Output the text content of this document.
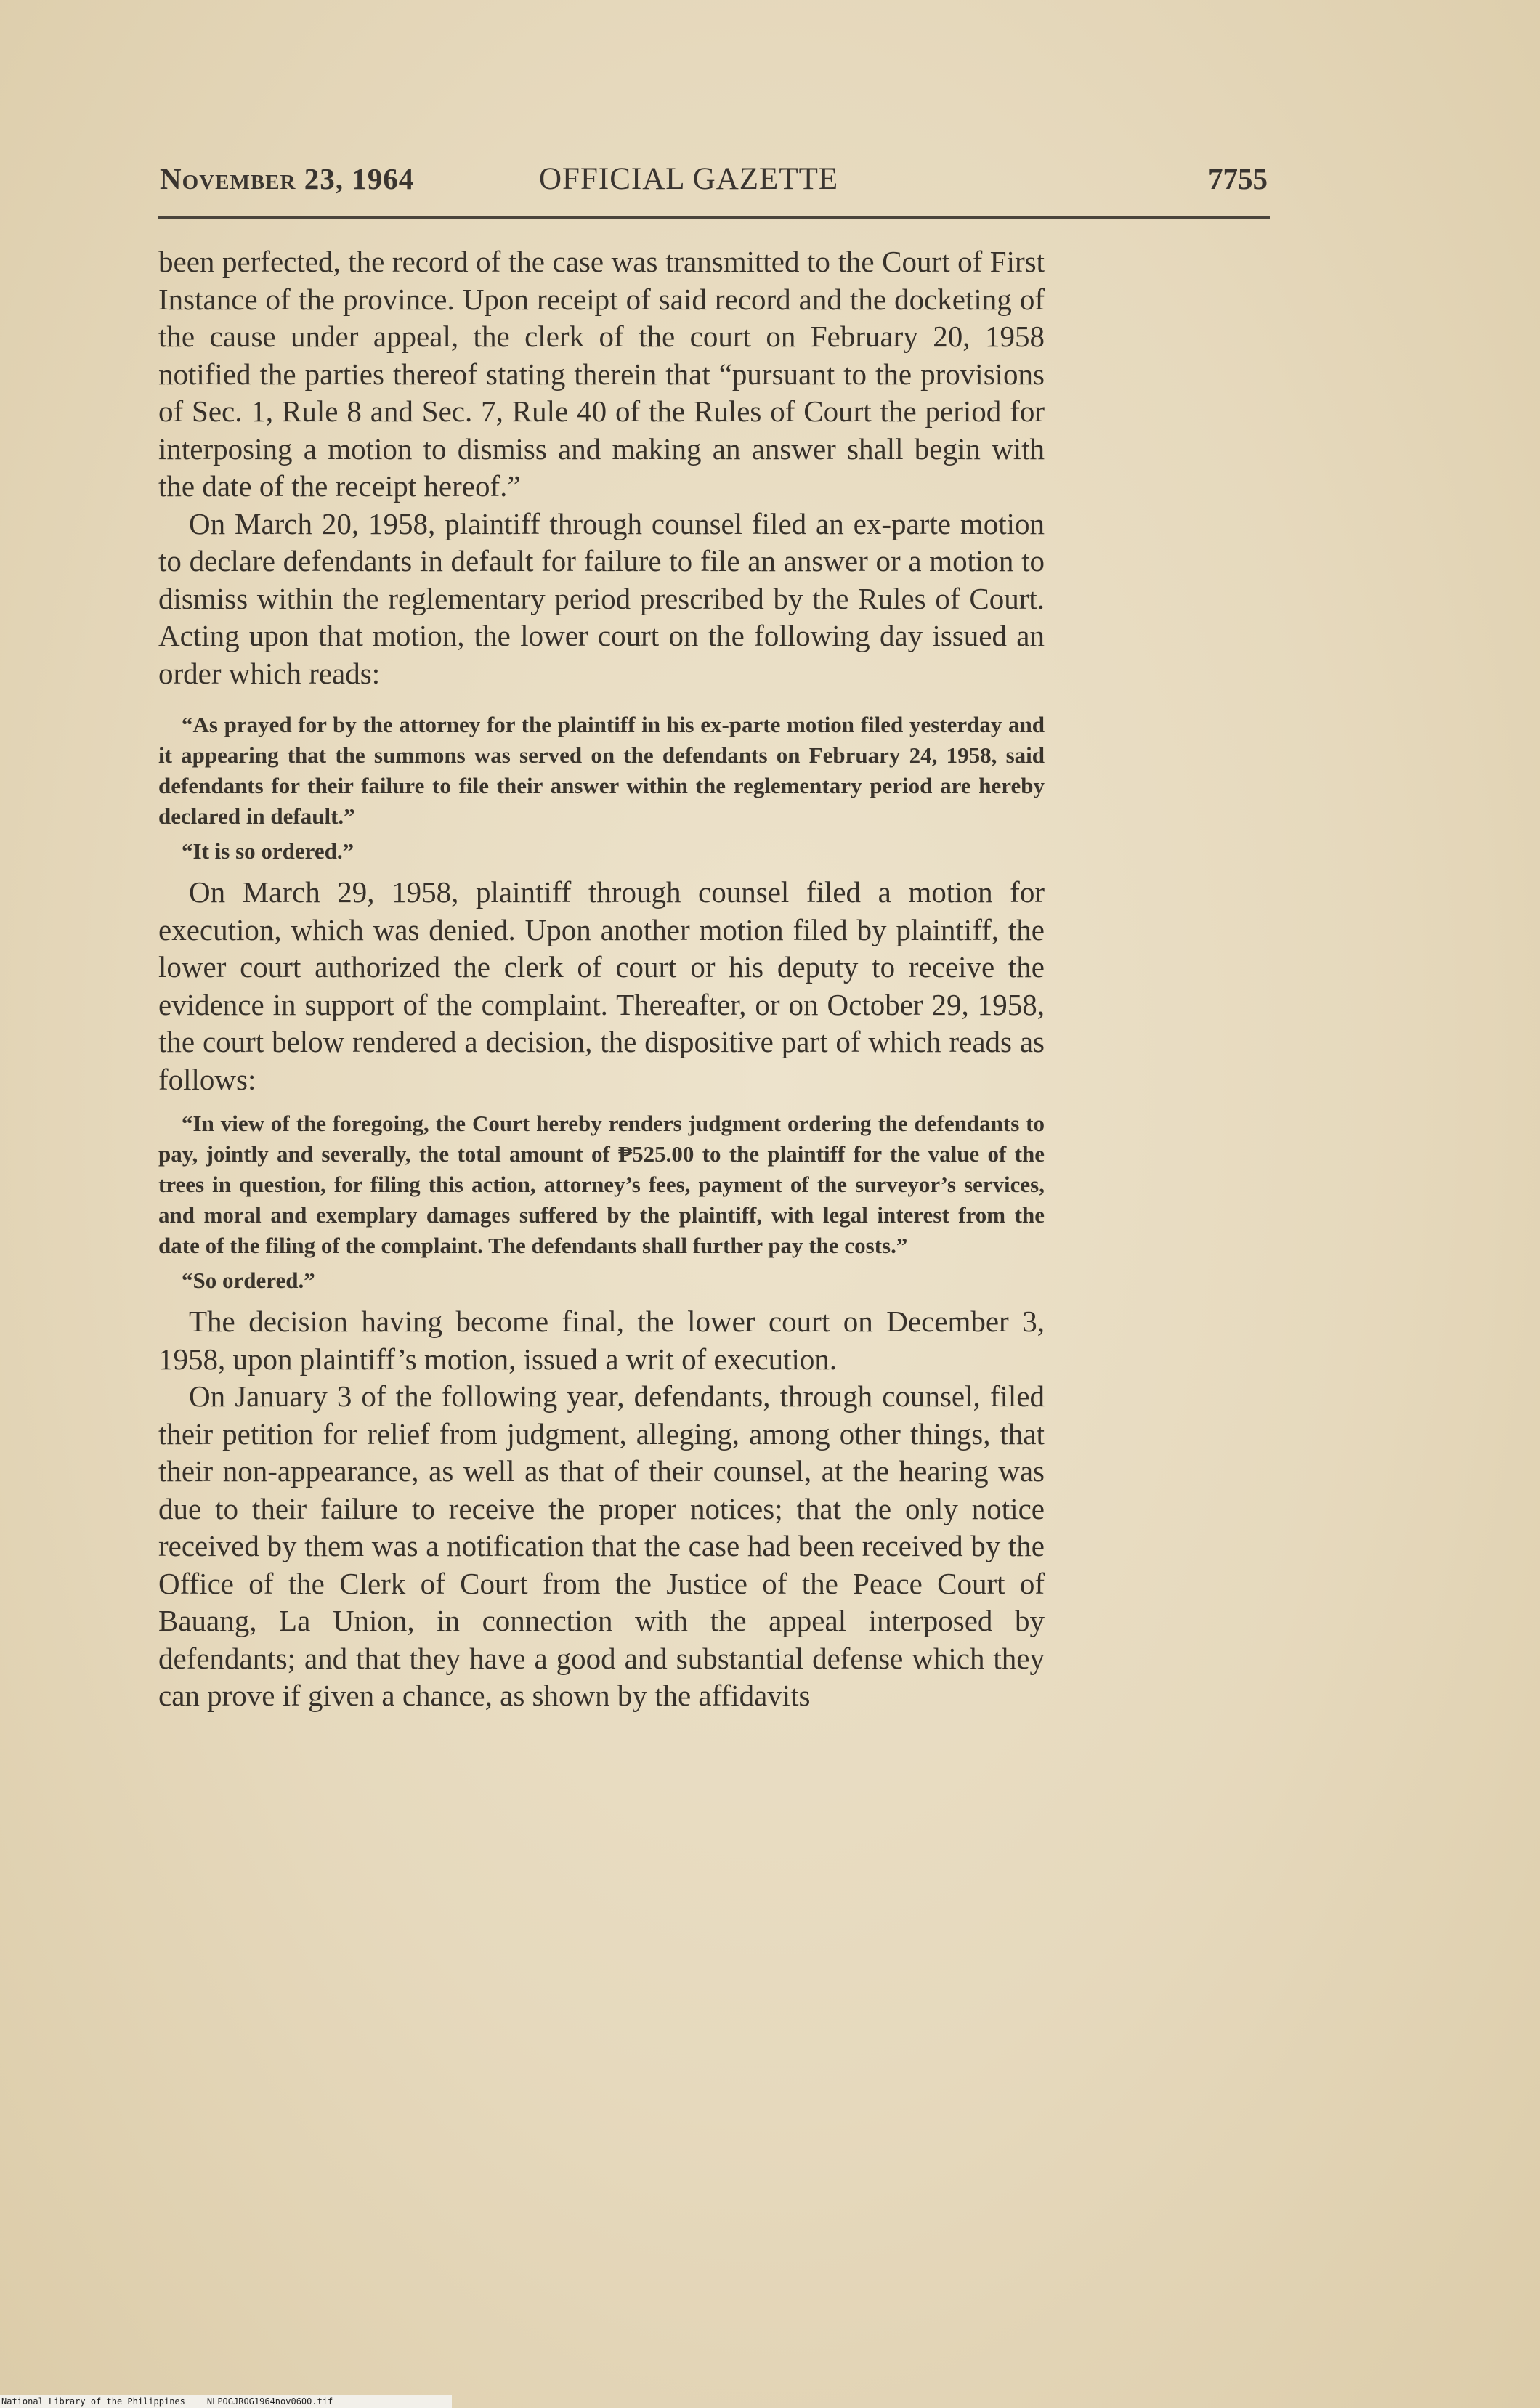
November 23, 1964	OFFICIAL GAZETTE	7755

been perfected, the record of the case was transmitted to the Court of First Instance of the province. Upon receipt of said record and the docketing of the cause under appeal, the clerk of the court on February 20, 1958 notified the parties thereof stating therein that “pursuant to the provisions of Sec. 1, Rule 8 and Sec. 7, Rule 40 of the Rules of Court the period for interposing a motion to dismiss and making an answer shall begin with the date of the receipt hereof.”

On March 20, 1958, plaintiff through counsel filed an ex-parte motion to declare defendants in default for failure to file an answer or a motion to dismiss within the reglementary period prescribed by the Rules of Court. Acting upon that motion, the lower court on the following day issued an order which reads:

“As prayed for by the attorney for the plaintiff in his ex-parte motion filed yesterday and it appearing that the summons was served on the defendants on February 24, 1958, said defendants for their failure to file their answer within the reglementary period are hereby declared in default.”

“It is so ordered.”

On March 29, 1958, plaintiff through counsel filed a motion for execution, which was denied. Upon another motion filed by plaintiff, the lower court authorized the clerk of court or his deputy to receive the evidence in support of the complaint. Thereafter, or on October 29, 1958, the court below rendered a decision, the dispositive part of which reads as follows:

“In view of the foregoing, the Court hereby renders judgment ordering the defendants to pay, jointly and severally, the total amount of ₱525.00 to the plaintiff for the value of the trees in question, for filing this action, attorney’s fees, payment of the surveyor’s services, and moral and exemplary damages suffered by the plaintiff, with legal interest from the date of the filing of the complaint. The defendants shall further pay the costs.”

“So ordered.”

The decision having become final, the lower court on December 3, 1958, upon plaintiff’s motion, issued a writ of execution.

On January 3 of the following year, defendants, through counsel, filed their petition for relief from judgment, alleging, among other things, that their non-appearance, as well as that of their counsel, at the hearing was due to their failure to receive the proper notices; that the only notice received by them was a notification that the case had been received by the Office of the Clerk of Court from the Justice of the Peace Court of Bauang, La Union, in connection with the appeal interposed by defendants; and that they have a good and substantial defense which they can prove if given a chance, as shown by the affidavits

National Library of the Philippines	NLPOGJROG1964nov0600.tif
